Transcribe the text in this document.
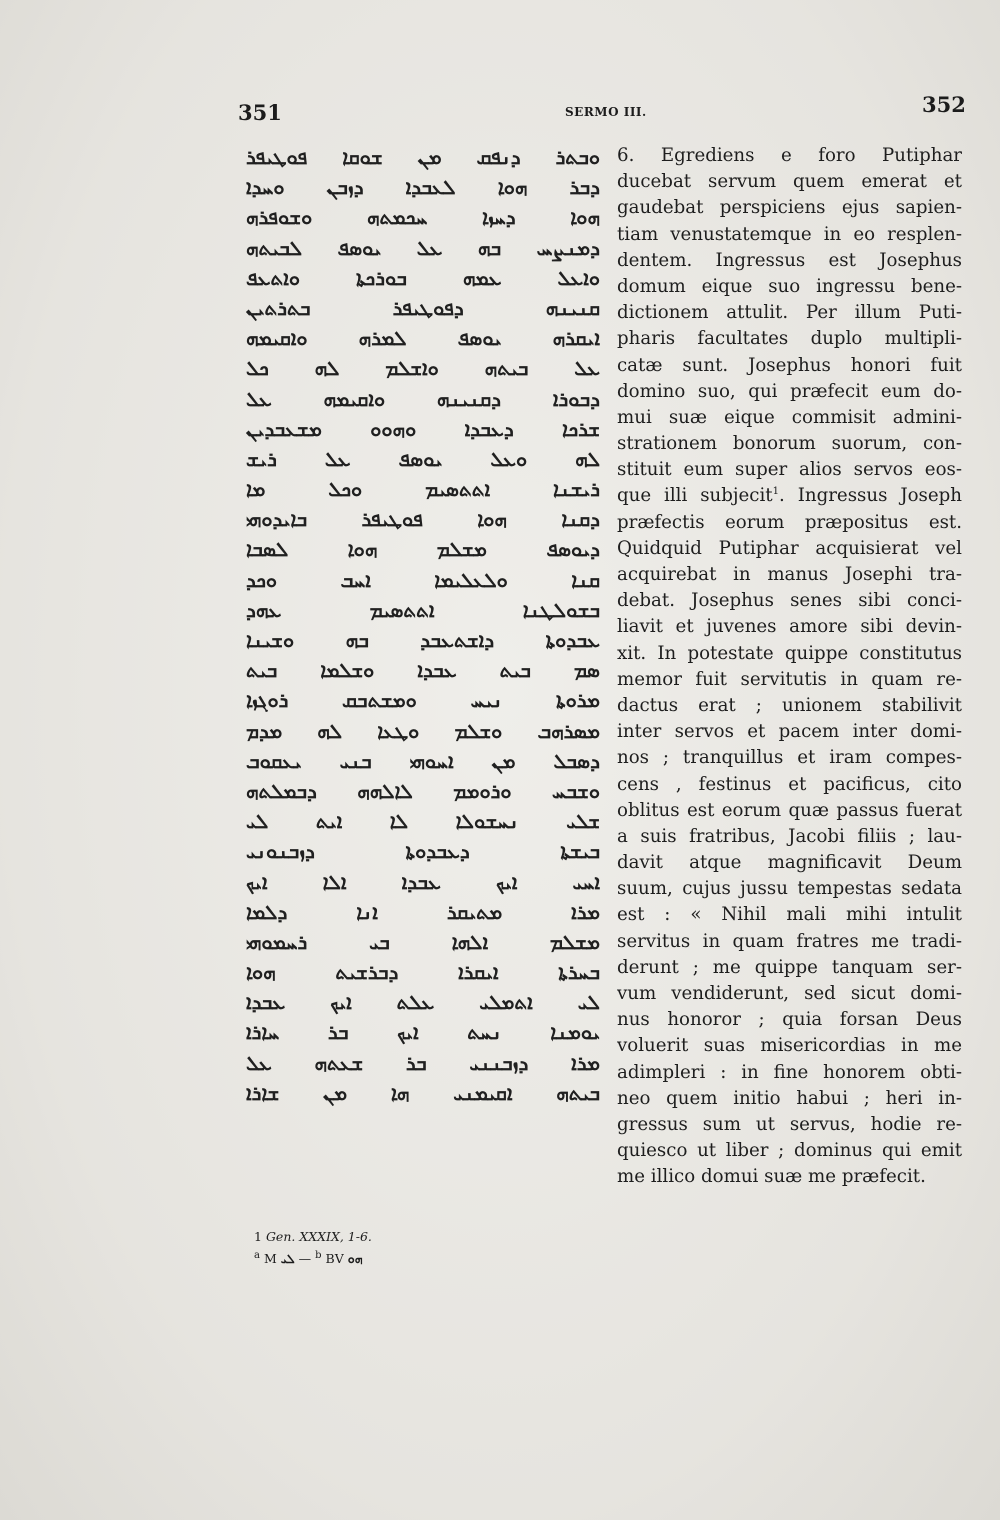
351	SERMO III.	352
ܘܒܬܪ ܕܢܦܩ ܡܢ ܫܘܩܐ ܦܘܛܝܦܪ
ܕܒܪ ܗܘܐ ܠܥܒܕܐ ܕܙܒܢ ܘܚܕܐ
ܗܘܐ ܕܚܙܐ ܚܟܡܬܗ ܘܫܘܦܪܗ
ܕܡܢܨܚ ܒܗ ܥܠ ܝܘܣܦ ܠܒܝܬܗ
ܘܐܥܠ ܥܡܗ ܒܘܪܟܬܐ ܘܐܬܥܦ
ܩܢܝܢܗ ܕܦܘܛܝܦܪ ܒܬܪܬܝܢ
ܐܝܩܪܗ ܝܘܣܦ ܠܡܪܗ ܘܐܩܝܡܗ
ܥܠ ܒܝܬܗ ܘܐܫܠܡ ܠܗ ܟܠ
ܕܒܘܪܐ ܕܩܢܝܢܗ ܘܐܩܝܡܗ ܥܠ
ܫܪܟܐ ܕܥܒܕܐ ܘܗܘܘ ܡܫܥܒܕܝܢ
ܠܗ ܘܥܠ ܝܘܣܦ ܥܠ ܪܝܫ
ܪܝܫܢܐ ܐܬܬܣܝܡ ܘܟܠ ܡܐ
ܕܩܢܐ ܗܘܐ ܦܘܛܝܦܪ ܒܐܝܕܘܗܝ
ܕܝܘܣܦ ܡܫܠܡ ܗܘܐ ܠܣܒܐ
ܩܢܐ ܘܠܥܠܝܡܐ ܐܚܒ ܘܟܕ
ܒܫܘܠܛܢܐ ܐܬܬܣܝܡ ܥܗܕ
ܥܒܕܘܬܐ ܕܐܫܬܥܒܕ ܒܗ ܘܫܝܢܐ
ܣܡ ܒܝܬ ܥܒܕܐ ܘܫܠܡܐ ܒܝܬ
ܡܪܘܬܐ ܢܝܚ ܘܡܫܬܒܩ ܪܘܓܙܐ
ܡܣܪܗܒ ܘܫܠܡ ܘܛܥܐ ܠܗ ܡܕܡ
ܕܣܒܠ ܡܢ ܐܚܘܗܝ ܒܢܝ ܝܥܩܘܒ
ܘܫܒܚ ܘܪܘܡܡ ܠܐܠܗܗ ܕܒܡܠܬܗ
ܫܠܝ ܢܚܫܘܠܐ ܠܐ ܐܝܬ ܠܝ
ܒܝܫܬܐ ܕܥܒܕܘܬܐ ܕܙܒܢܘܢܝ
ܐܚܝ ܐܝܟ ܥܒܕܐ ܐܠܐ ܐܝܟ
ܡܪܐ ܡܬܝܩܪ ܐܢܐ ܕܠܡܐ
ܡܫܠܡ ܐܠܗܐ ܒܝ ܪܚܡܘܗܝ
ܒܚܪܬܐ ܐܝܩܪܐ ܕܒܪܫܝܬ ܗܘܐ
ܠܝ ܐܬܡܠܝ ܥܠܬ ܐܝܟ ܥܒܕܐ
ܝܘܡܢܐ ܢܚܬ ܐܝܟ ܒܪ ܚܐܪܐ
ܡܪܐ ܕܙܒܢܢܝ ܒܪ ܫܥܬܗ ܥܠ
ܒܝܬܗ ܐܩܝܡܢܝ ܗܐ ܡܢ ܫܐܪܐ
1 Gen. XXXIX, 1-6.
$^a$ M ܠܝ — $^b$ BV ܗܘ
6. Egrediens e foro Putiphar
ducebat servum quem emerat et
gaudebat perspiciens ejus sapien-
tiam venustatemque in eo resplen-
dentem. Ingressus est Josephus
domum eique suo ingressu bene-
dictionem attulit. Per illum Puti-
pharis facultates duplo multipli-
catæ sunt. Josephus honori fuit
domino suo, qui præfecit eum do-
mui suæ eique commisit admini-
strationem bonorum suorum, con-
stituit eum super alios servos eos-
que illi subjecit$^1$. Ingressus Joseph
præfectis eorum præpositus est.
Quidquid Putiphar acquisierat vel
acquirebat in manus Josephi tra-
debat. Josephus senes sibi conci-
liavit et juvenes amore sibi devin-
xit. In potestate quippe constitutus
memor fuit servitutis in quam re-
dactus erat ; unionem stabilivit
inter servos et pacem inter domi-
nos ; tranquillus et iram compes-
cens , festinus et pacificus, cito
oblitus est eorum quæ passus fuerat
a suis fratribus, Jacobi filiis ; lau-
davit atque magnificavit Deum
suum, cujus jussu tempestas sedata
est : « Nihil mali mihi intulit
servitus in quam fratres me tradi-
derunt ; me quippe tanquam ser-
vum vendiderunt, sed sicut domi-
nus honoror ; quia forsan Deus
voluerit suas misericordias in me
adimpleri : in fine honorem obti-
neo quem initio habui ; heri in-
gressus sum ut servus, hodie re-
quiesco ut liber ; dominus qui emit
me illico domui suæ me præfecit.
